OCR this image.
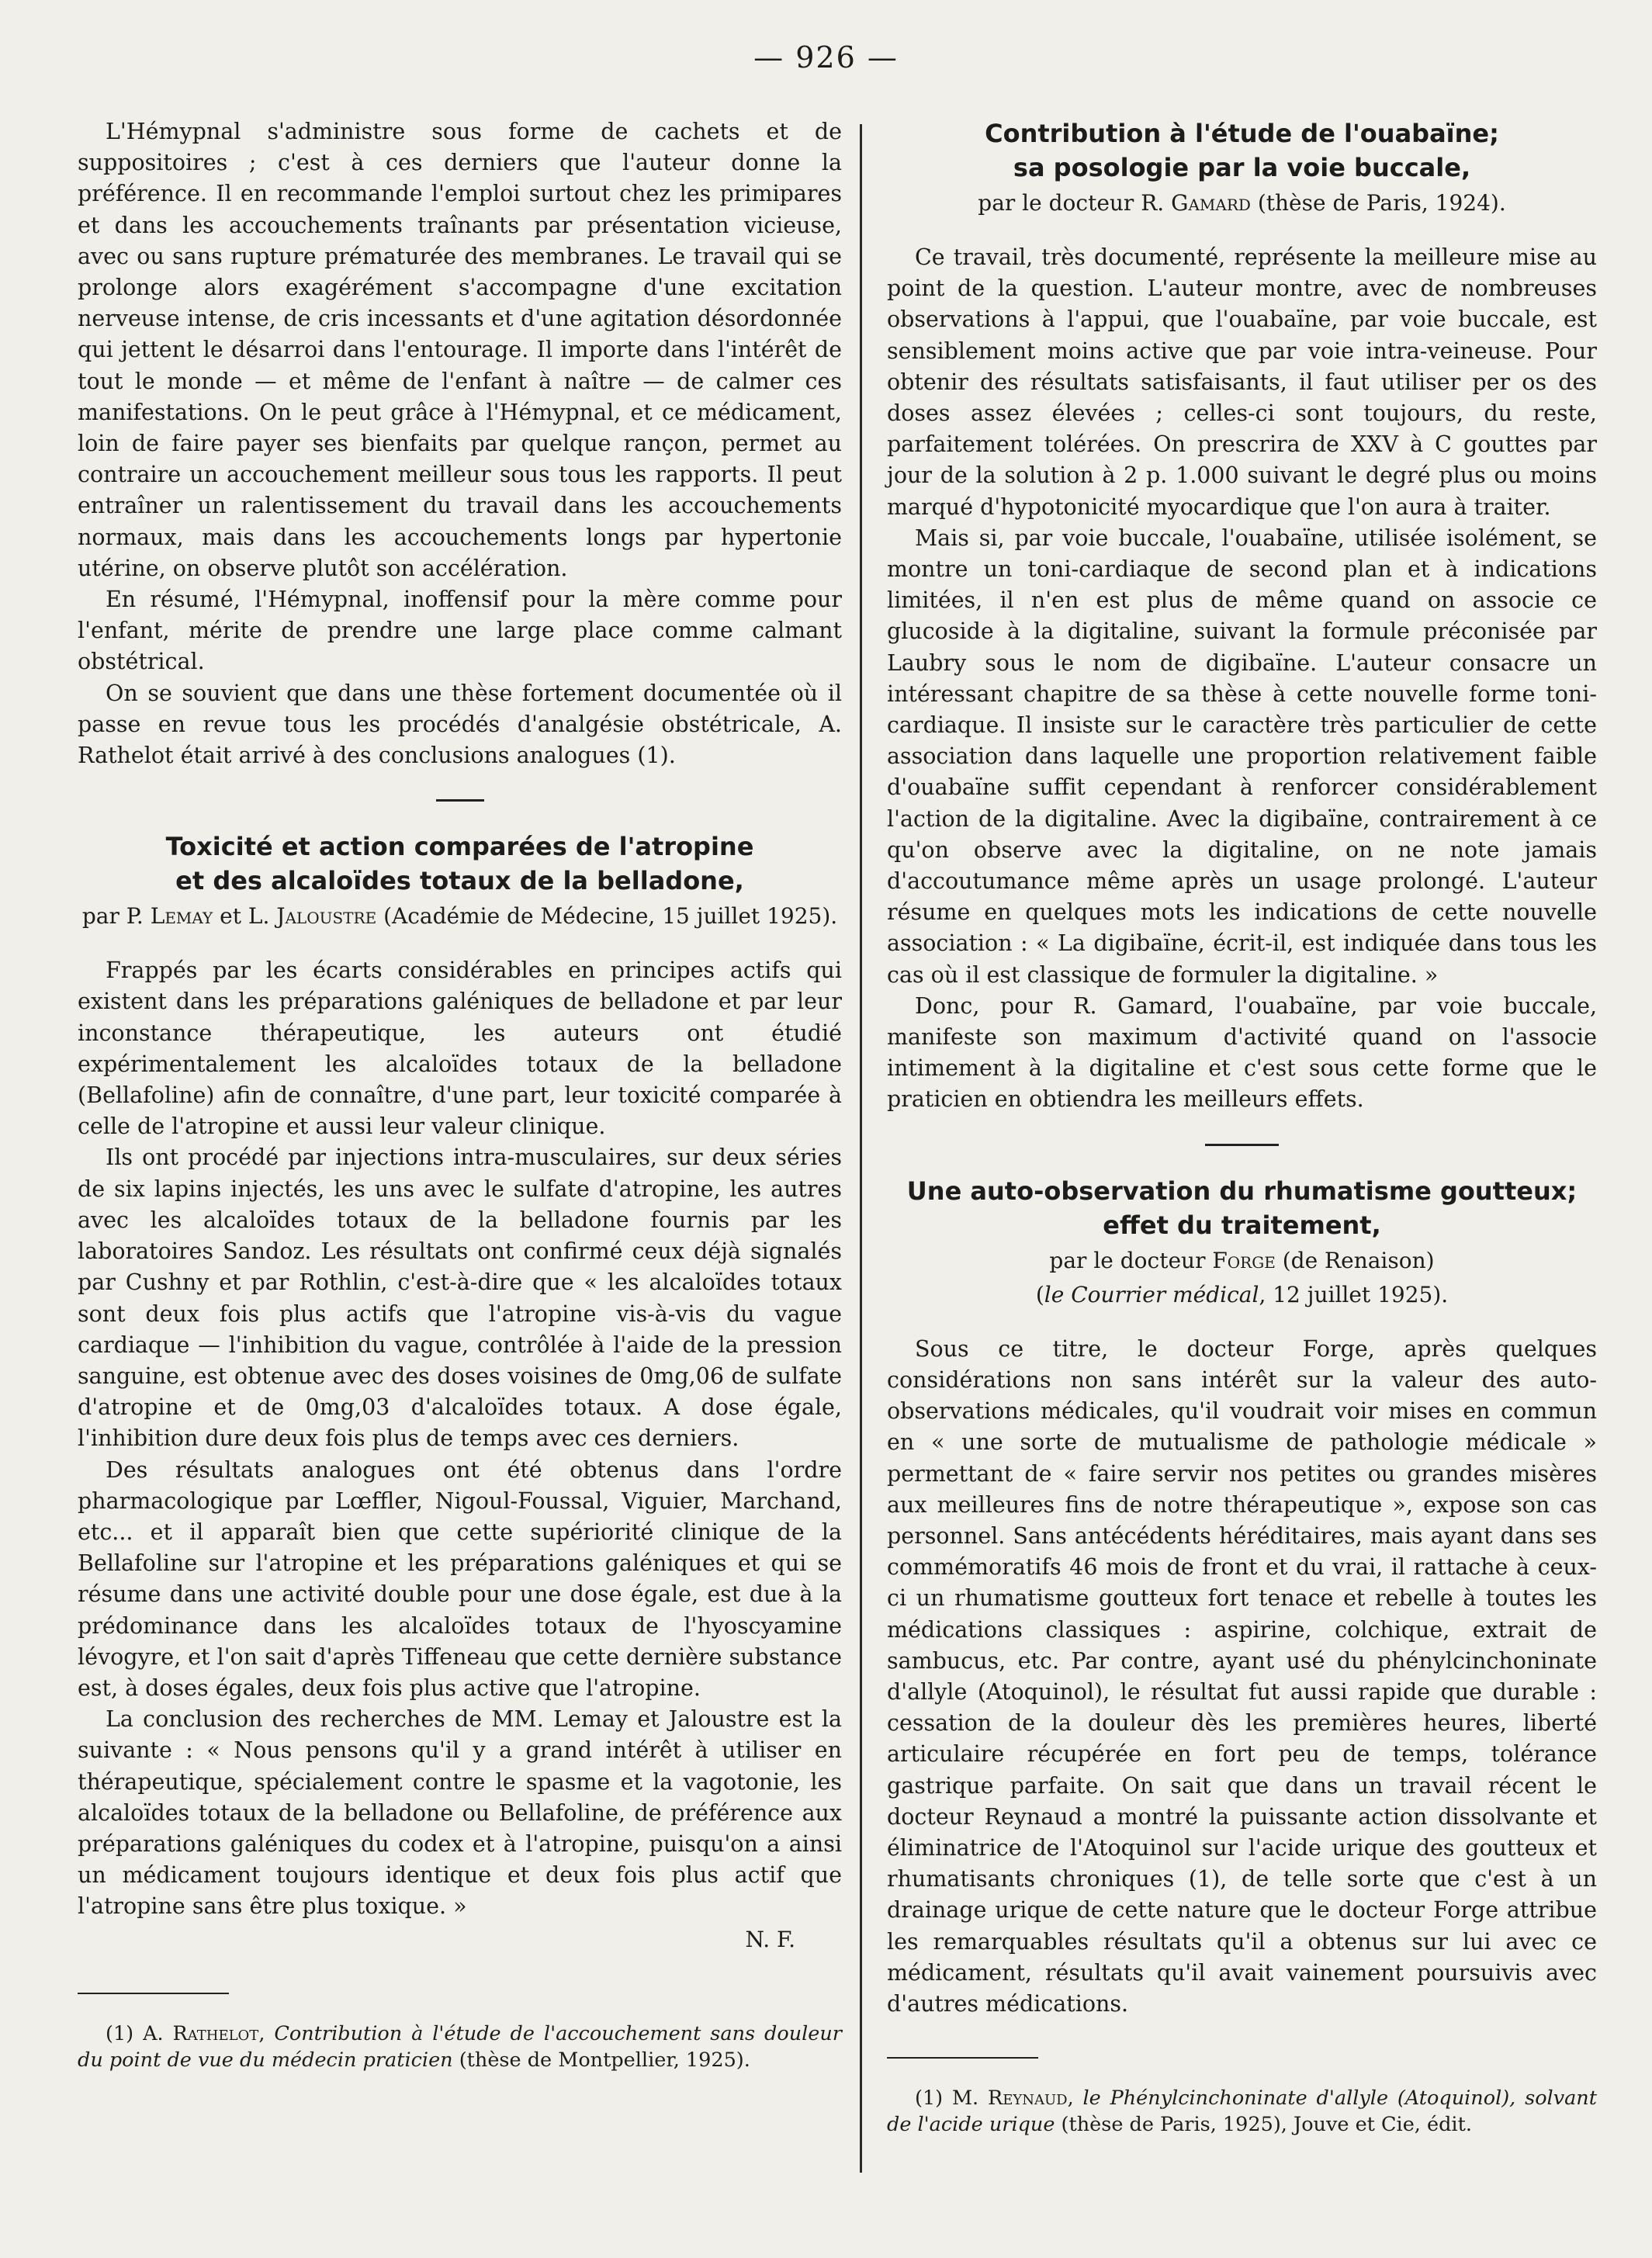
— 926 —

L'Hémypnal s'administre sous forme de cachets et de suppositoires ; c'est à ces derniers que l'auteur donne la préférence. Il en recommande l'emploi surtout chez les primipares et dans les accouchements traînants par présentation vicieuse, avec ou sans rupture prématurée des membranes. Le travail qui se prolonge alors exagérément s'accompagne d'une excitation nerveuse intense, de cris incessants et d'une agitation désordonnée qui jettent le désarroi dans l'entourage. Il importe dans l'intérêt de tout le monde — et même de l'enfant à naître — de calmer ces manifestations. On le peut grâce à l'Hémypnal, et ce médicament, loin de faire payer ses bienfaits par quelque rançon, permet au contraire un accouchement meilleur sous tous les rapports. Il peut entraîner un ralentissement du travail dans les accouchements normaux, mais dans les accouchements longs par hypertonie utérine, on observe plutôt son accélération.

En résumé, l'Hémypnal, inoffensif pour la mère comme pour l'enfant, mérite de prendre une large place comme calmant obstétrical.

On se souvient que dans une thèse fortement documentée où il passe en revue tous les procédés d'analgésie obstétricale, A. Rathelot était arrivé à des conclusions analogues (1).

Toxicité et action comparées de l'atropine
et des alcaloïdes totaux de la belladone,
par P. Lemay et L. Jaloustre (Académie de Médecine, 15 juillet 1925).

Frappés par les écarts considérables en principes actifs qui existent dans les préparations galéniques de belladone et par leur inconstance thérapeutique, les auteurs ont étudié expérimentalement les alcaloïdes totaux de la belladone (Bellafoline) afin de connaître, d'une part, leur toxicité comparée à celle de l'atropine et aussi leur valeur clinique.

Ils ont procédé par injections intra-musculaires, sur deux séries de six lapins injectés, les uns avec le sulfate d'atropine, les autres avec les alcaloïdes totaux de la belladone fournis par les laboratoires Sandoz. Les résultats ont confirmé ceux déjà signalés par Cushny et par Rothlin, c'est-à-dire que « les alcaloïdes totaux sont deux fois plus actifs que l'atropine vis-à-vis du vague cardiaque — l'inhibition du vague, contrôlée à l'aide de la pression sanguine, est obtenue avec des doses voisines de 0mg,06 de sulfate d'atropine et de 0mg,03 d'alcaloïdes totaux. A dose égale, l'inhibition dure deux fois plus de temps avec ces derniers.

Des résultats analogues ont été obtenus dans l'ordre pharmacologique par Lœffler, Nigoul-Foussal, Viguier, Marchand, etc... et il apparaît bien que cette supériorité clinique de la Bellafoline sur l'atropine et les préparations galéniques et qui se résume dans une activité double pour une dose égale, est due à la prédominance dans les alcaloïdes totaux de l'hyoscyamine lévogyre, et l'on sait d'après Tiffeneau que cette dernière substance est, à doses égales, deux fois plus active que l'atropine.

La conclusion des recherches de MM. Lemay et Jaloustre est la suivante : « Nous pensons qu'il y a grand intérêt à utiliser en thérapeutique, spécialement contre le spasme et la vagotonie, les alcaloïdes totaux de la belladone ou Bellafoline, de préférence aux préparations galéniques du codex et à l'atropine, puisqu'on a ainsi un médicament toujours identique et deux fois plus actif que l'atropine sans être plus toxique. »

N. F.

(1) A. Rathelot, Contribution à l'étude de l'accouchement sans douleur du point de vue du médecin praticien (thèse de Montpellier, 1925).

Contribution à l'étude de l'ouabaïne;
sa posologie par la voie buccale,
par le docteur R. Gamard (thèse de Paris, 1924).

Ce travail, très documenté, représente la meilleure mise au point de la question. L'auteur montre, avec de nombreuses observations à l'appui, que l'ouabaïne, par voie buccale, est sensiblement moins active que par voie intra-veineuse. Pour obtenir des résultats satisfaisants, il faut utiliser per os des doses assez élevées ; celles-ci sont toujours, du reste, parfaitement tolérées. On prescrira de XXV à C gouttes par jour de la solution à 2 p. 1.000 suivant le degré plus ou moins marqué d'hypotonicité myocardique que l'on aura à traiter.

Mais si, par voie buccale, l'ouabaïne, utilisée isolément, se montre un toni-cardiaque de second plan et à indications limitées, il n'en est plus de même quand on associe ce glucoside à la digitaline, suivant la formule préconisée par Laubry sous le nom de digibaïne. L'auteur consacre un intéressant chapitre de sa thèse à cette nouvelle forme toni-cardiaque. Il insiste sur le caractère très particulier de cette association dans laquelle une proportion relativement faible d'ouabaïne suffit cependant à renforcer considérablement l'action de la digitaline. Avec la digibaïne, contrairement à ce qu'on observe avec la digitaline, on ne note jamais d'accoutumance même après un usage prolongé. L'auteur résume en quelques mots les indications de cette nouvelle association : « La digibaïne, écrit-il, est indiquée dans tous les cas où il est classique de formuler la digitaline. »

Donc, pour R. Gamard, l'ouabaïne, par voie buccale, manifeste son maximum d'activité quand on l'associe intimement à la digitaline et c'est sous cette forme que le praticien en obtiendra les meilleurs effets.

Une auto-observation du rhumatisme goutteux;
effet du traitement,
par le docteur Forge (de Renaison)
(le Courrier médical, 12 juillet 1925).

Sous ce titre, le docteur Forge, après quelques considérations non sans intérêt sur la valeur des auto-observations médicales, qu'il voudrait voir mises en commun en « une sorte de mutualisme de pathologie médicale » permettant de « faire servir nos petites ou grandes misères aux meilleures fins de notre thérapeutique », expose son cas personnel. Sans antécédents héréditaires, mais ayant dans ses commémoratifs 46 mois de front et du vrai, il rattache à ceux-ci un rhumatisme goutteux fort tenace et rebelle à toutes les médications classiques : aspirine, colchique, extrait de sambucus, etc. Par contre, ayant usé du phénylcinchoninate d'allyle (Atoquinol), le résultat fut aussi rapide que durable : cessation de la douleur dès les premières heures, liberté articulaire récupérée en fort peu de temps, tolérance gastrique parfaite. On sait que dans un travail récent le docteur Reynaud a montré la puissante action dissolvante et éliminatrice de l'Atoquinol sur l'acide urique des goutteux et rhumatisants chroniques (1), de telle sorte que c'est à un drainage urique de cette nature que le docteur Forge attribue les remarquables résultats qu'il a obtenus sur lui avec ce médicament, résultats qu'il avait vainement poursuivis avec d'autres médications.

(1) M. Reynaud, le Phénylcinchoninate d'allyle (Atoquinol), solvant de l'acide urique (thèse de Paris, 1925), Jouve et Cie, édit.
